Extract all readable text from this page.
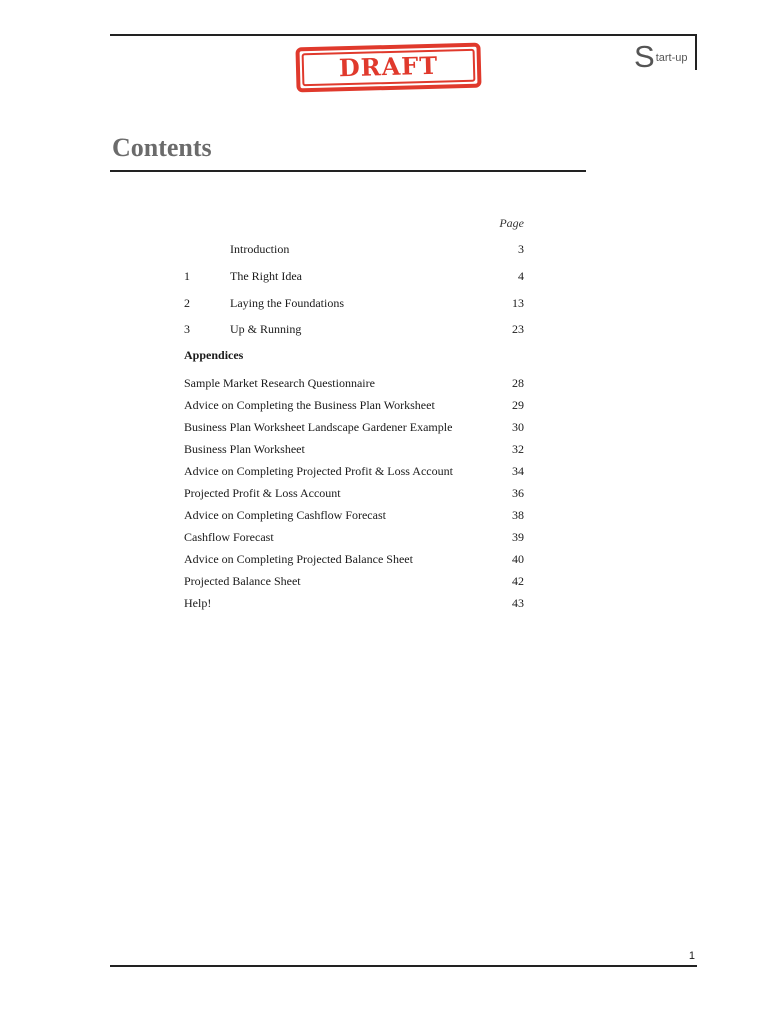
$S^{tart-up}$
DRAFT
Contents
Page
Introduction	3
1	The Right Idea	4
2	Laying the Foundations	13
3	Up & Running	23
Appendices
Sample Market Research Questionnaire	28
Advice on Completing the Business Plan Worksheet	29
Business Plan Worksheet Landscape Gardener Example	30
Business Plan Worksheet	32
Advice on Completing Projected Profit & Loss Account	34
Projected Profit & Loss Account	36
Advice on Completing Cashflow Forecast	38
Cashflow Forecast	39
Advice on Completing Projected Balance Sheet	40
Projected Balance Sheet	42
Help!	43
1
